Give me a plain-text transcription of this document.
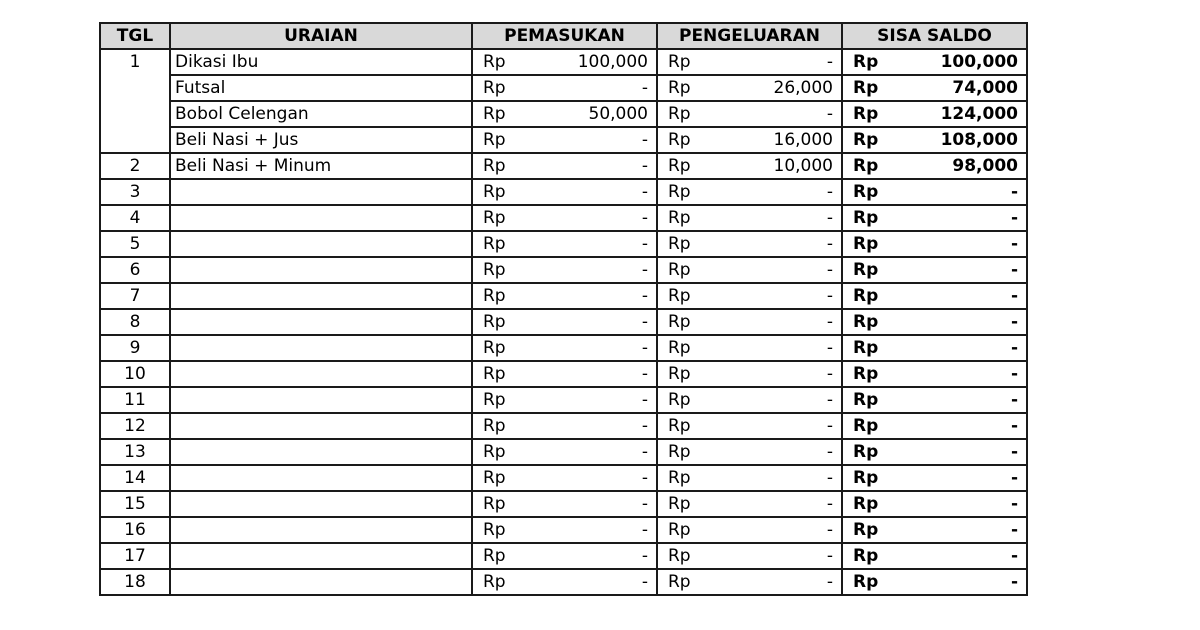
TGL	URAIAN	PEMASUKAN	PENGELUARAN	SISA SALDO
1	Dikasi Ibu	Rp 100,000	Rp -	Rp 100,000

	Futsal	Rp -	Rp 26,000	Rp 74,000

	Bobol Celengan	Rp 50,000	Rp -	Rp 124,000

	Beli Nasi + Jus	Rp -	Rp 16,000	Rp 108,000

2	Beli Nasi + Minum	Rp -	Rp 10,000	Rp 98,000

3		Rp -	Rp -	Rp -

4		Rp -	Rp -	Rp -

5		Rp -	Rp -	Rp -

6		Rp -	Rp -	Rp -

7		Rp -	Rp -	Rp -

8		Rp -	Rp -	Rp -

9		Rp -	Rp -	Rp -

10		Rp -	Rp -	Rp -

11		Rp -	Rp -	Rp -

12		Rp -	Rp -	Rp -

13		Rp -	Rp -	Rp -

14		Rp -	Rp -	Rp -

15		Rp -	Rp -	Rp -

16		Rp -	Rp -	Rp -

17		Rp -	Rp -	Rp -

18		Rp -	Rp -	Rp -
